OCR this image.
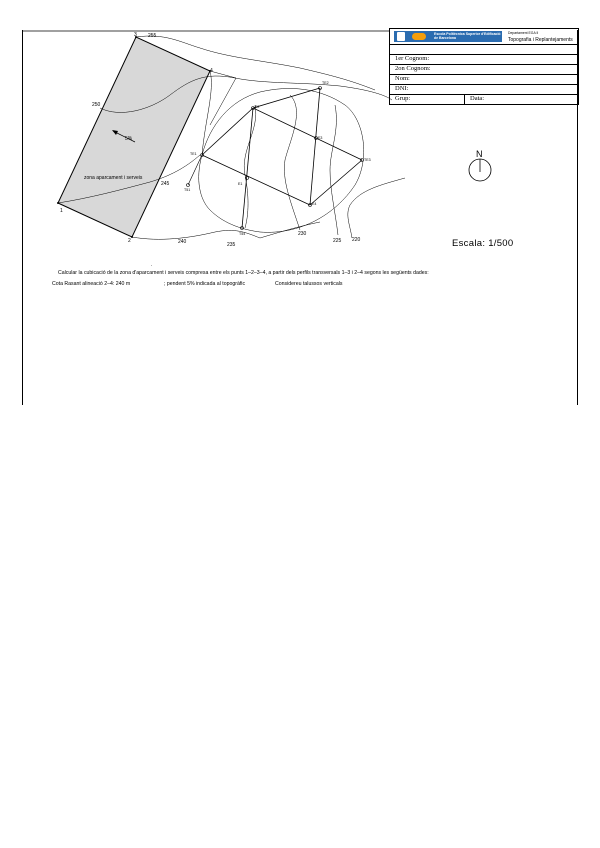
1
2
3
4
255
250
245
240	235
230
225 220
TE1
TE2
TE3
T51
E1
E2
E3
E4
T54
5%
zona aparcament i serveis
N
.
Escola Politècnica Superior d'Edificació de Barcelona
Departament EGA II
Topografia i Replantejaments
1er Cognom:
2on Cognom:
Nom:
DNI:
Grup:	Data:
Escala: 1/500
Calcular la cubicació de la zona d'aparcament i serveis compresa entre els punts 1–2–3–4, a partir dels perfils transversals 1–3 i 2–4 segons les següents dades:
Cota Rasant alineació 2–4: 240 m	; pendent 5% indicada al topogràfic	Considereu talussos verticals
